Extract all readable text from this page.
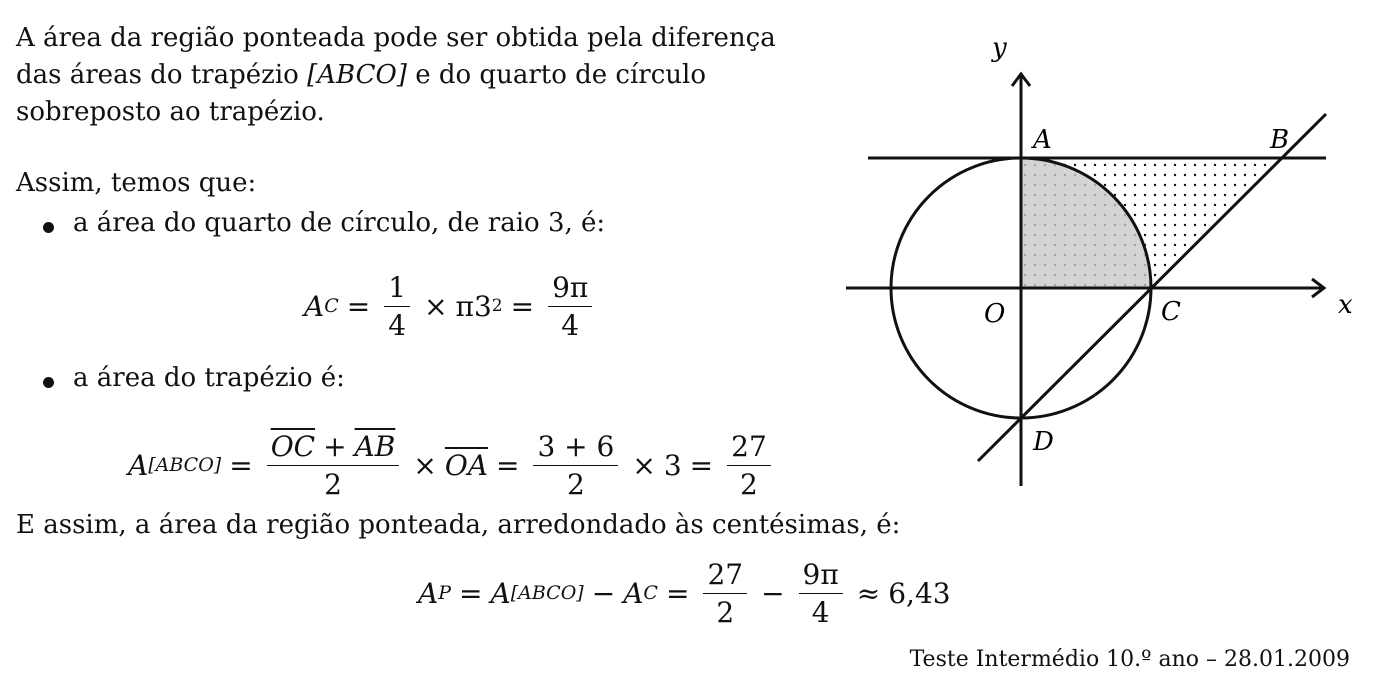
A área da região ponteada pode ser obtida pela diferença
das áreas do trapézio [ABCO] e do quarto de círculo
sobreposto ao trapézio.
Assim, temos que:
a área do quarto de círculo, de raio 3, é:
A $C = \frac{1}{4} \times \pi 3$ $2 = \frac{9\pi}{4}$
a área do trapézio é:
A [ABCO] = $\frac{\overline{OC} + \overline{AB}}{2} \times \overline{OA} = \frac{3 + 6}{2} \times 3 = \frac{27}{2}$
E assim, a área da região ponteada, arredondado às centésimas, é:
A P = A [ABCO] − A $C = \frac{27}{2} - \frac{9\pi}{4} \approx 6,43$
Teste Intermédio 10.º ano – 28.01.2009
y
x
A	B
O	C
D
